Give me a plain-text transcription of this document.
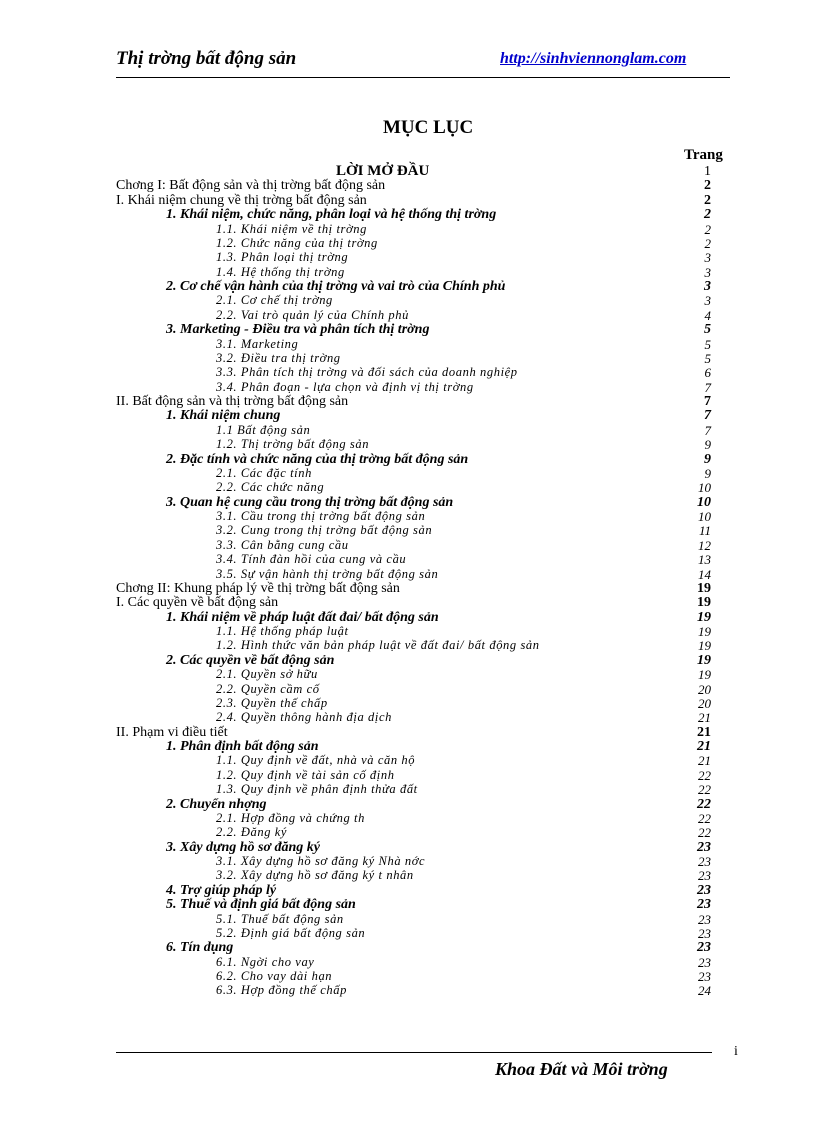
Thị trờng bất động sản	http://sinhviennonglam.com
MỤC LỤC
Trang
LỜI MỞ ĐẦU	1
Chơng I: Bất động sản và thị trờng bất động sản	2
I. Khái niệm chung về thị trờng bất động sản	2
1. Khái niệm, chức năng, phân loại và hệ thống thị trờng	2
1.1. Khái niệm về thị trờng	2
1.2. Chức năng của thị trờng	2
1.3. Phân loại thị trờng	3
1.4. Hệ thống thị trờng	3
2. Cơ chế vận hành của thị trờng và vai trò của Chính phủ	3
2.1. Cơ chế thị trờng	3
2.2. Vai trò quản lý của Chính phủ	4
3. Marketing - Điều tra và phân tích thị trờng	5
3.1. Marketing	5
3.2. Điều tra thị trờng	5
3.3. Phân tích thị trờng và đối sách của doanh nghiệp	6
3.4. Phân đoạn - lựa chọn và định vị thị trờng	7
II. Bất động sản và thị trờng bất động sản	7
1. Khái niệm chung	7
1.1 Bất động sản	7
1.2. Thị trờng bất động sản	9
2. Đặc tính và chức năng của thị trờng bất động sản	9
2.1. Các đặc tính	9
2.2. Các chức năng	10
3. Quan hệ cung cầu trong thị trờng bất động sản	10
3.1. Cầu trong thị trờng bất động sản	10
3.2. Cung trong thị trờng bất động sản	11
3.3. Cân bằng cung cầu	12
3.4. Tính đàn hồi của cung và cầu	13
3.5. Sự vận hành thị trờng bất động sản	14
Chơng II: Khung pháp lý về thị trờng bất động sản	19
I. Các quyền về bất động sản	19
1. Khái niệm về pháp luật đất đai/ bất động sản	19
1.1. Hệ thống pháp luật	19
1.2. Hình thức văn bản pháp luật về đất đai/ bất động sản	19
2. Các quyền về bất động sản	19
2.1. Quyền sở hữu	19
2.2. Quyền cầm cố	20
2.3. Quyền thế chấp	20
2.4. Quyền thông hành địa dịch	21
II. Phạm vi điều tiết	21
1. Phân định bất động sản	21
1.1. Quy định về đất, nhà và căn hộ	21
1.2. Quy định về tài sản cố định	22
1.3. Quy định về phân định thửa đất	22
2. Chuyển nhợng	22
2.1. Hợp đồng và chứng th	22
2.2. Đăng ký	22
3. Xây dựng hồ sơ đăng ký	23
3.1. Xây dựng hồ sơ đăng ký Nhà nớc	23
3.2. Xây dựng hồ sơ đăng ký t nhân	23
4. Trợ giúp pháp lý	23
5. Thuế và định giá bất động sản	23
5.1. Thuế bất động sản	23
5.2. Định giá bất động sản	23
6. Tín dụng	23
6.1. Ngời cho vay	23
6.2. Cho vay dài hạn	23
6.3. Hợp đồng thế chấp	24
i
Khoa Đất và Môi trờng
